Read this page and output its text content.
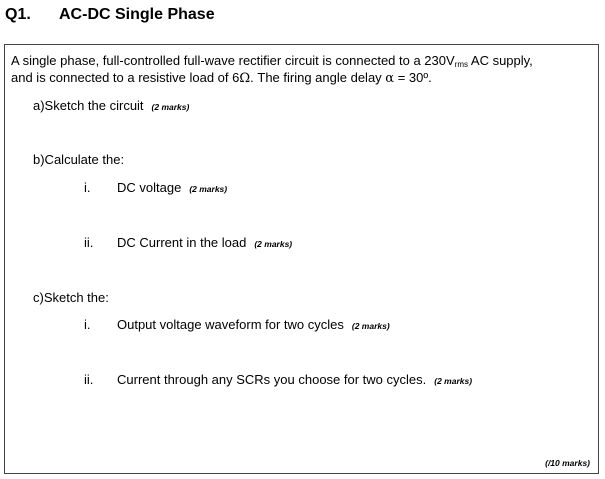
Q1. AC-DC Single Phase
A single phase, full-controlled full-wave rectifier circuit is connected to a $230V_{rms}$ AC supply,
and is connected to a resistive load of 6Ω. The firing angle delay α = 30º.
a)Sketch the circuit (2 marks)
b)Calculate the:
i. DC voltage (2 marks)
ii. DC Current in the load (2 marks)
c)Sketch the:
i. Output voltage waveform for two cycles (2 marks)
ii. Current through any SCRs you choose for two cycles. (2 marks)
(/10 marks)
